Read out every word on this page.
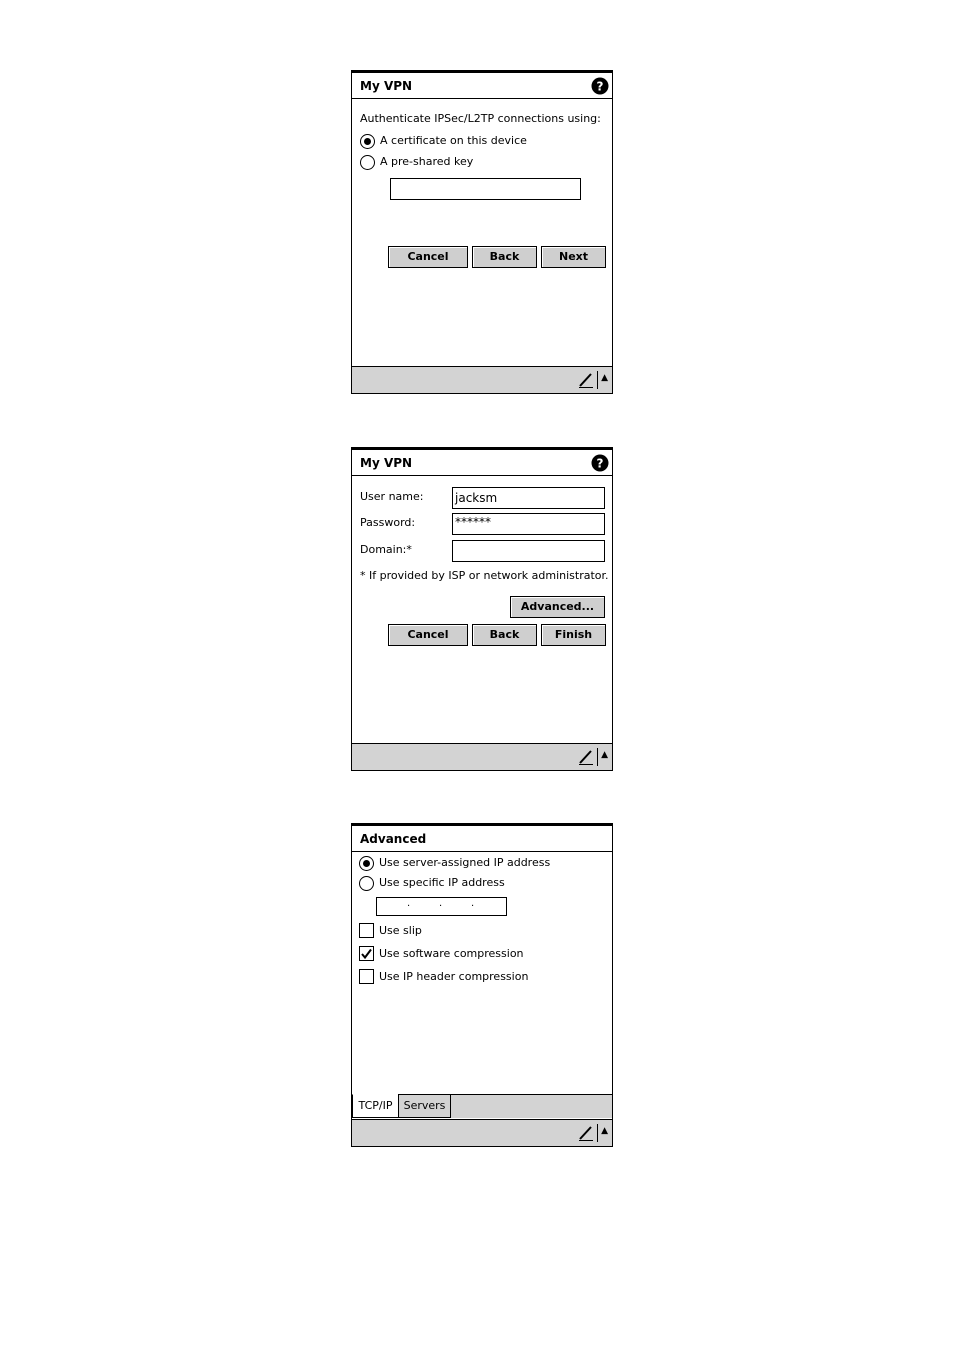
My VPN	?
Authenticate IPSec/L2TP connections using:
A certificate on this device
A pre-shared key
Cancel	Back	Next
▲
My VPN	?
User name:	jacksm
Password:	******
Domain:*
* If provided by ISP or network administrator.
Advanced...
Cancel	Back	Finish
▲
Advanced
Use server-assigned IP address
Use specific IP address
.	.	.
Use slip
Use software compression
Use IP header compression
TCP/IP	Servers
▲
